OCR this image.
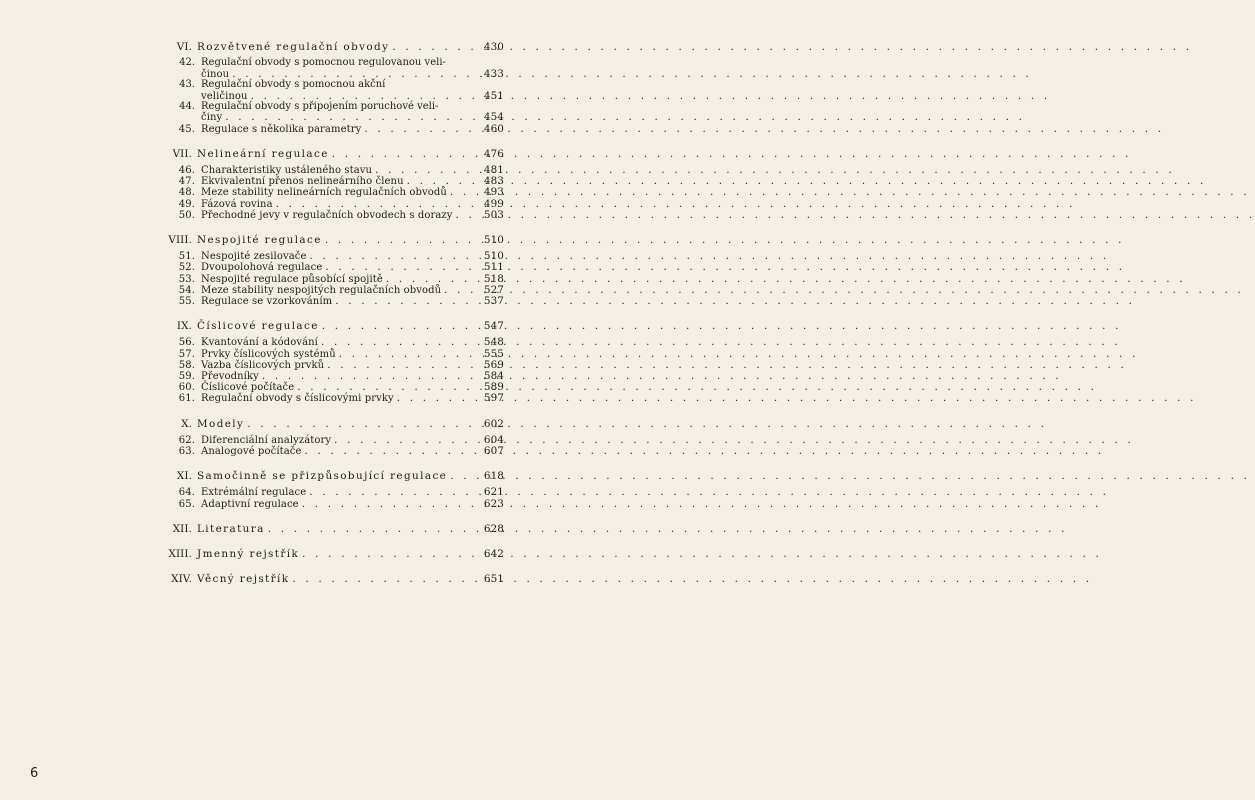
VI. Rozvětvené regulační obvody . . .	430
42. Regulační obvody s pomocnou regulovanou veli-
činou . . .	433
43. Regulační obvody s pomocnou akční
veličinou . . .	451
44. Regulační obvody s připojením poruchové veli-
činy . . .	454
45. Regulace s několika parametry . . .	460
VII. Nelineární regulace . . .	476
46. Charakteristiky ustáleného stavu . . .	481
47. Ekvivalentní přenos nelineárního členu . . .	483
48. Meze stability nelineárních regulačních obvodů . . .	493
49. Fázová rovina . . .	499
50. Přechodné jevy v regulačních obvodech s dorazy . . .	503
VIII. Nespojité regulace . . .	510
51. Nespojité zesilovače . . .	510
52. Dvoupolohová regulace . . .	511
53. Nespojité regulace působící spojitě . . .	518
54. Meze stability nespojitých regulačních obvodů . . .	527
55. Regulace se vzorkováním . . .	537
IX. Číslicové regulace . . .	547
56. Kvantování a kódování . . .	548
57. Prvky číslicových systémů . . .	555
58. Vazba číslicových prvků . . .	569
59. Převodníky . . .	584
60. Číslicové počítače . . .	589
61. Regulační obvody s číslicovými prvky . . .	597
X. Modely . . .	602
62. Diferenciální analyzátory . . .	604
63. Analogové počítače . . .	607
XI. Samočinně se přizpůsobující regulace . . .	618
64. Extrémální regulace . . .	621
65. Adaptivní regulace . . .	623
XII. Literatura . . .	628
XIII. Jmenný rejstřík . . .	642
XIV. Věcný rejstřík . . .	651
6
